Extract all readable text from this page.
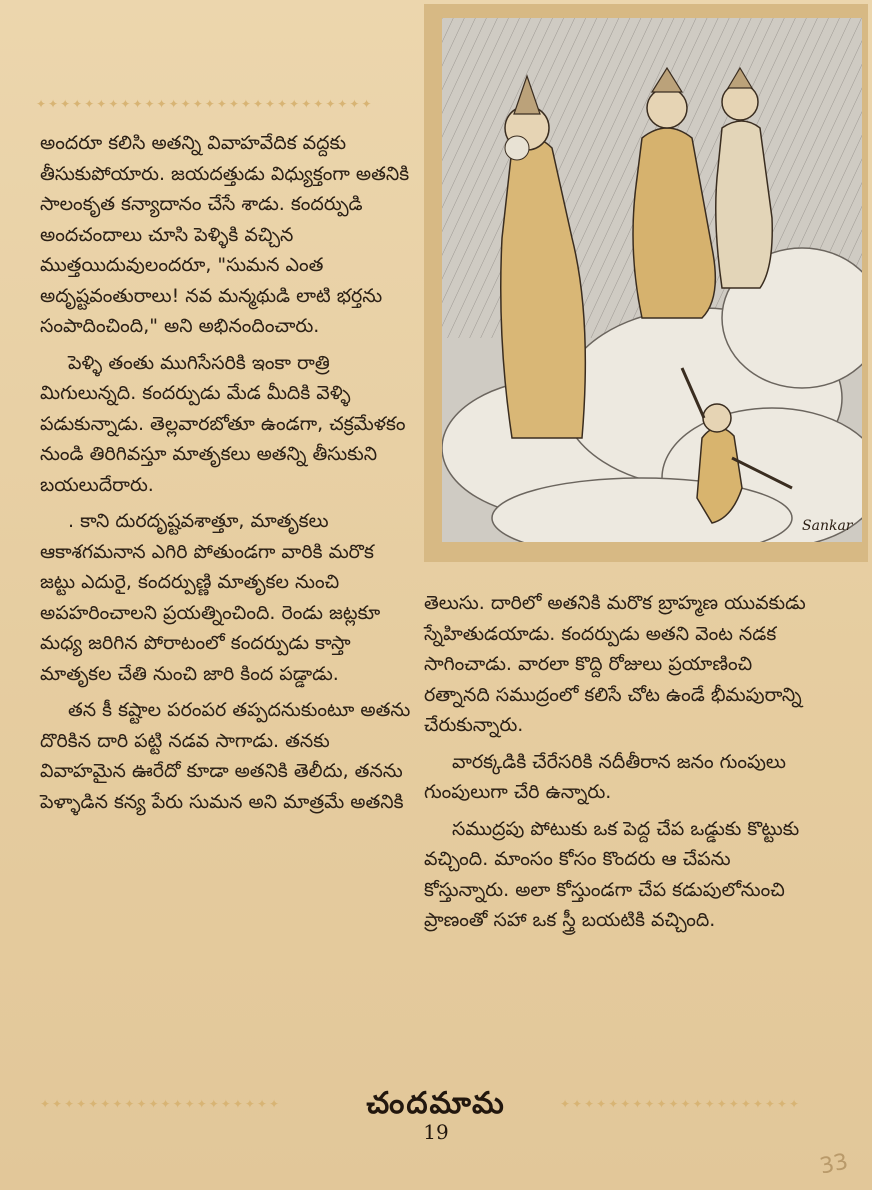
✦✦✦✦✦✦✦✦✦✦✦✦✦✦✦✦✦✦✦✦✦✦✦✦✦✦✦✦

అందరూ కలిసి అతన్ని వివాహవేదిక వద్దకు తీసుకుపోయారు. జయదత్తుడు విధ్యుక్తంగా అతనికి సాలంకృత కన్యాదానం చేసే శాడు. కందర్పుడి అందచందాలు చూసి పెళ్ళికి వచ్చిన ముత్తయిదువులందరూ, "సుమన ఎంత అదృష్టవంతురాలు! నవ మన్మథుడి లాటి భర్తను సంపాదించింది," అని అభినందించారు.

పెళ్ళి తంతు ముగిసేసరికి ఇంకా రాత్రి మిగులున్నది. కందర్పుడు మేడ మీదికి వెళ్ళి పడుకున్నాడు. తెల్లవారబోతూ ఉండగా, చక్రమేళకం నుండి తిరిగివస్తూ మాతృకలు అతన్ని తీసుకుని బయలుదేరారు.

. కాని దురదృష్టవశాత్తూ, మాతృకలు ఆకాశగమనాన ఎగిరి పోతుండగా వారికి మరొక జట్టు ఎదురై, కందర్పుణ్ణి మాతృకల నుంచి అపహరించాలని ప్రయత్నించింది. రెండు జట్లకూ మధ్య జరిగిన పోరాటంలో కందర్పుడు కాస్తా మాతృకల చేతి నుంచి జారి కింద పడ్డాడు.

తన కీ కష్టాల పరంపర తప్పదనుకుంటూ అతను దొరికిన దారి పట్టి నడవ సాగాడు. తనకు వివాహమైన ఊరేదో కూడా అతనికి తెలీదు, తనను పెళ్ళాడిన కన్య పేరు సుమన అని మాత్రమే అతనికి

Sankar

తెలుసు. దారిలో అతనికి మరొక బ్రాహ్మణ యువకుడు స్నేహితుడయాడు. కందర్పుడు అతని వెంట నడక సాగించాడు. వారలా కొద్ది రోజులు ప్రయాణించి రత్నానది సముద్రంలో కలిసే చోట ఉండే భీమపురాన్ని చేరుకున్నారు.

వారక్కడికి చేరేసరికి నదీతీరాన జనం గుంపులు గుంపులుగా చేరి ఉన్నారు.

సముద్రపు పోటుకు ఒక పెద్ద చేప ఒడ్డుకు కొట్టుకు వచ్చింది. మాంసం కోసం కొందరు ఆ చేపను కోస్తున్నారు. అలా కోస్తుండగా చేప కడుపులోనుంచి ప్రాణంతో సహా ఒక స్త్రీ బయటికి వచ్చింది.

✦✦✦✦✦✦✦✦✦✦✦✦✦✦✦✦✦✦✦✦	✦✦✦✦✦✦✦✦✦✦✦✦✦✦✦✦✦✦✦✦
చందమామ
19
33
